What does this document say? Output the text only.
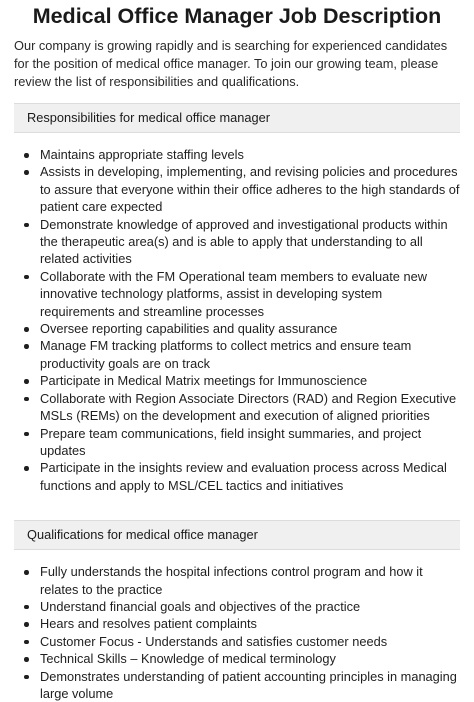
Medical Office Manager Job Description

Our company is growing rapidly and is searching for experienced candidates for the position of medical office manager. To join our growing team, please review the list of responsibilities and qualifications.

Responsibilities for medical office manager
Maintains appropriate staffing levels
Assists in developing, implementing, and revising policies and procedures to assure that everyone within their office adheres to the high standards of patient care expected
Demonstrate knowledge of approved and investigational products within the therapeutic area(s) and is able to apply that understanding to all related activities
Collaborate with the FM Operational team members to evaluate new innovative technology platforms, assist in developing system requirements and streamline processes
Oversee reporting capabilities and quality assurance
Manage FM tracking platforms to collect metrics and ensure team productivity goals are on track
Participate in Medical Matrix meetings for Immunoscience
Collaborate with Region Associate Directors (RAD) and Region Executive MSLs (REMs) on the development and execution of aligned priorities
Prepare team communications, field insight summaries, and project updates
Participate in the insights review and evaluation process across Medical functions and apply to MSL/CEL tactics and initiatives
Qualifications for medical office manager
Fully understands the hospital infections control program and how it relates to the practice
Understand financial goals and objectives of the practice
Hears and resolves patient complaints
Customer Focus - Understands and satisfies customer needs
Technical Skills – Knowledge of medical terminology
Demonstrates understanding of patient accounting principles in managing large volume
